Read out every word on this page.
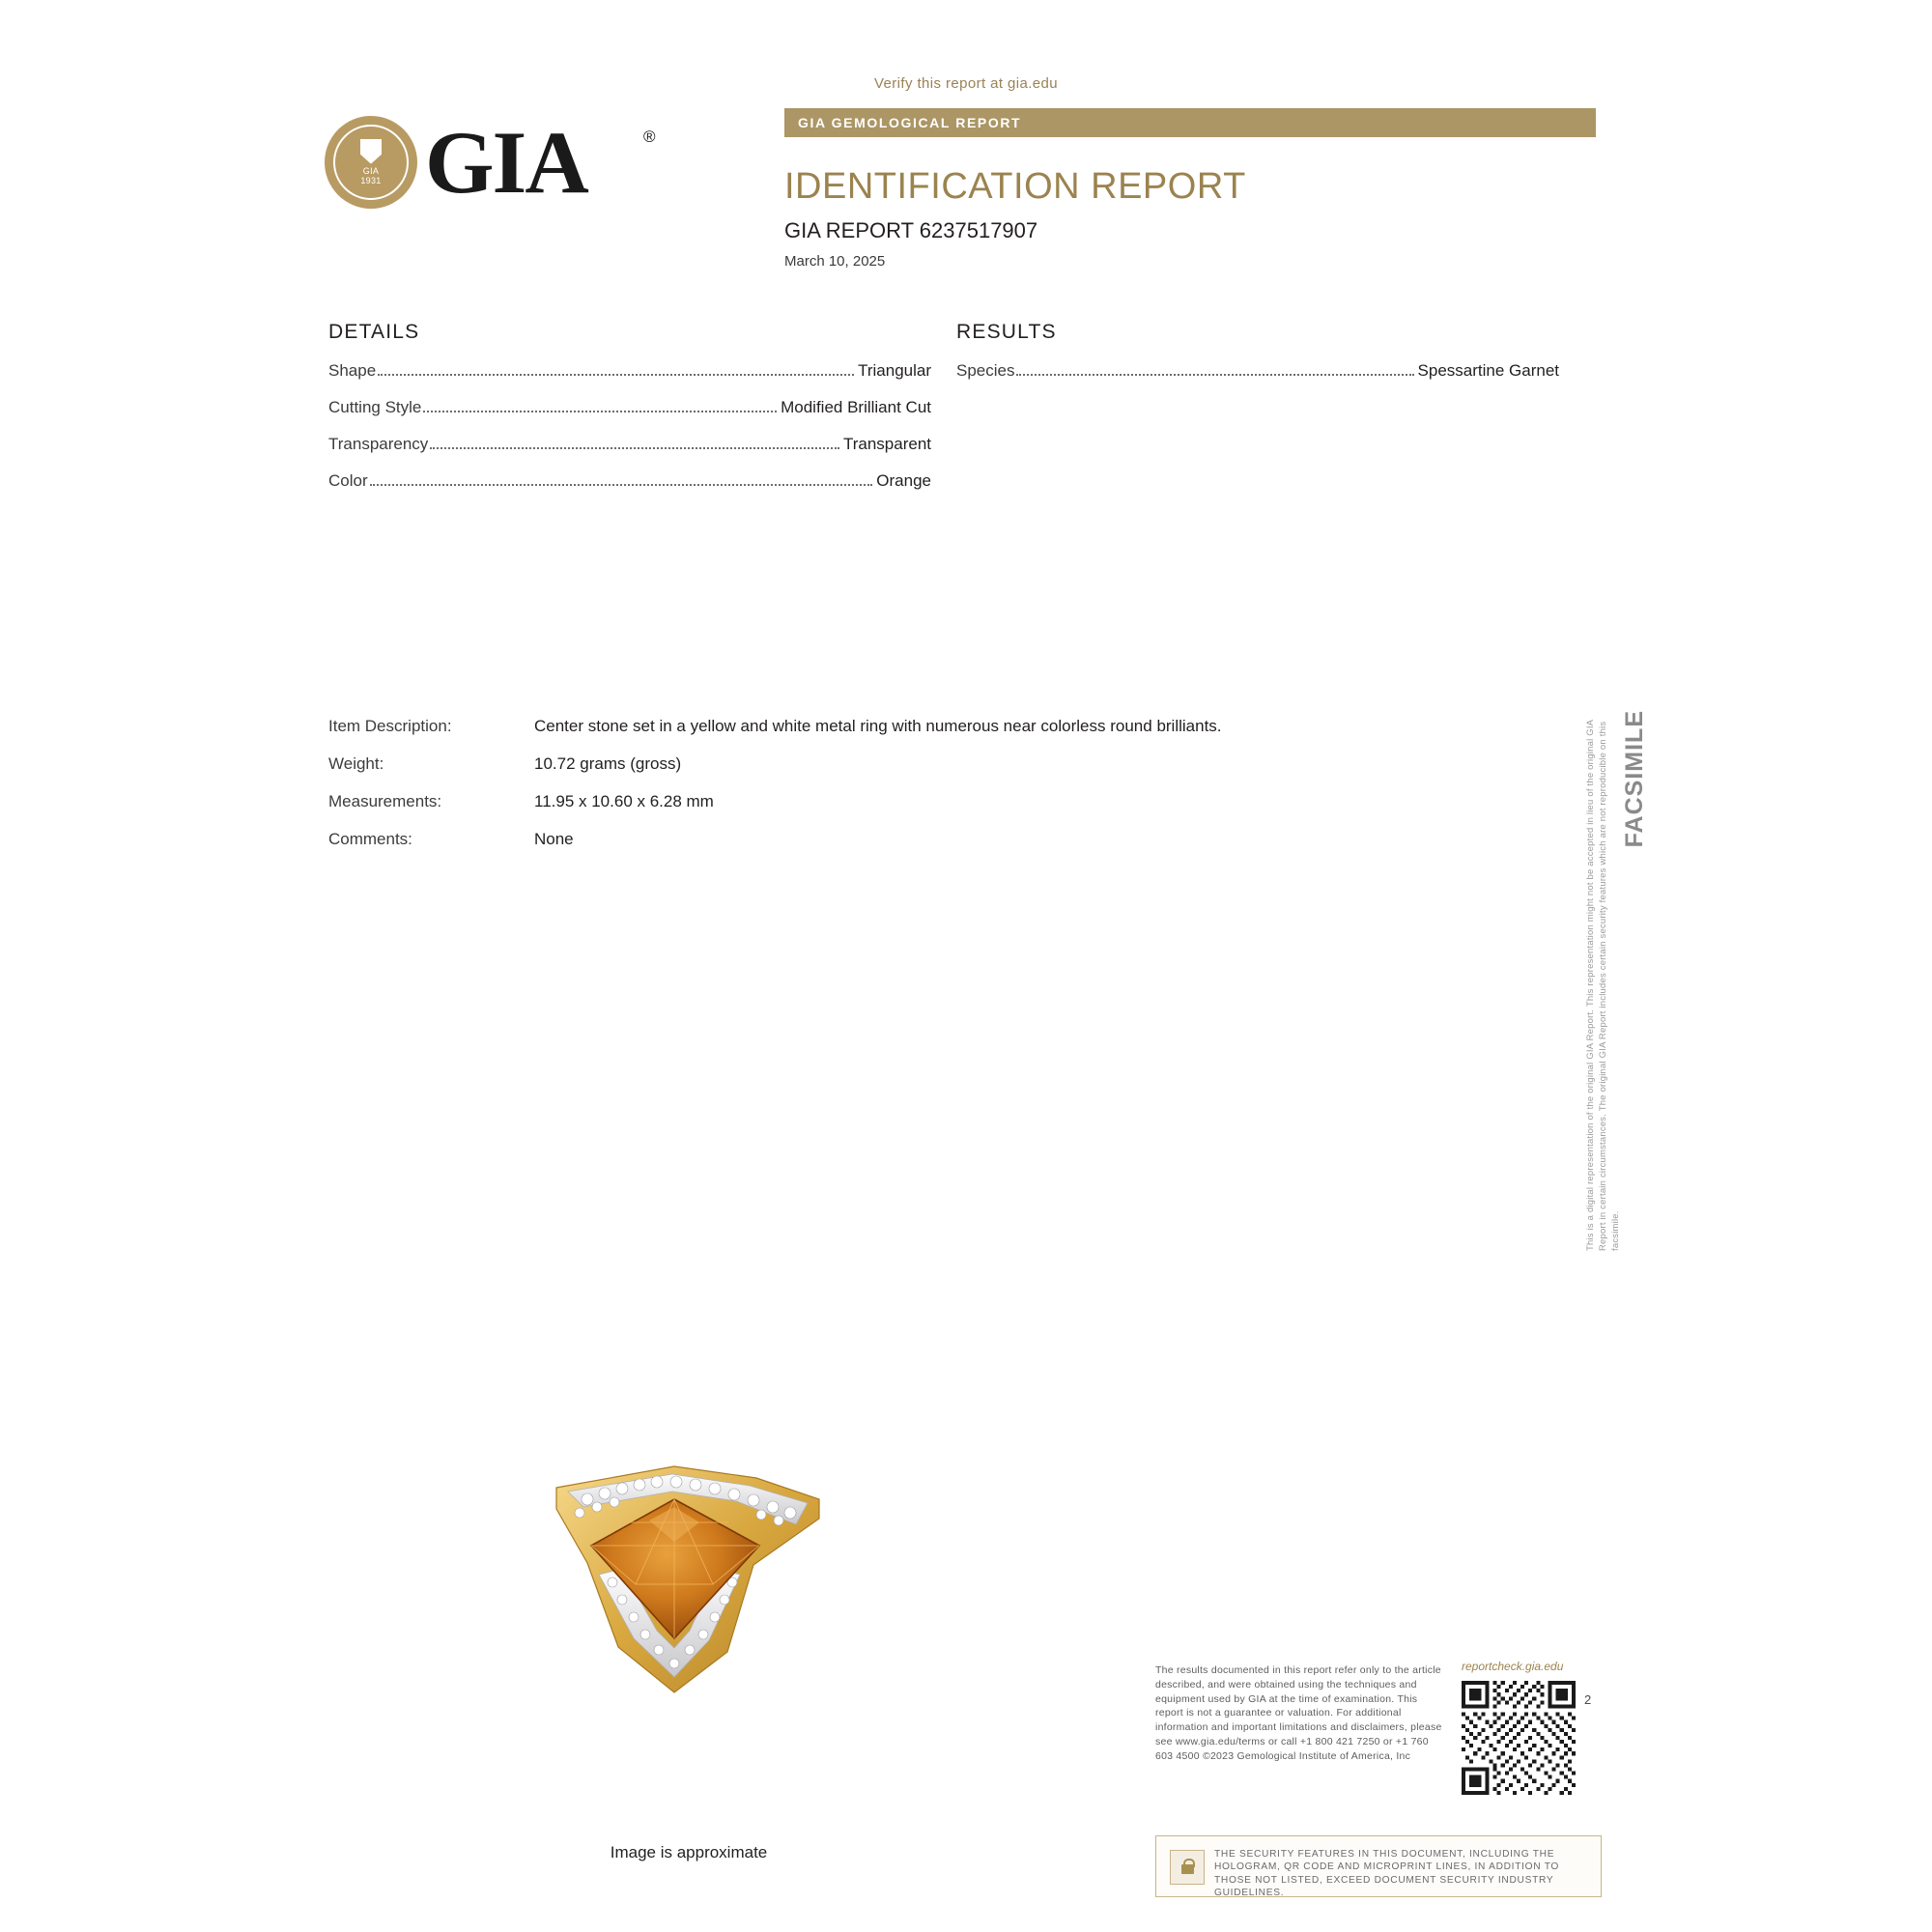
Verify this report at gia.edu
GIA
1931 GIA	®
GIA GEMOLOGICAL REPORT
IDENTIFICATION REPORT
GIA REPORT 6237517907
March 10, 2025
DETAILS
Shape	Triangular
Cutting Style	Modified Brilliant Cut
Transparency	Transparent
Color	Orange
RESULTS
Species	Spessartine Garnet
Item Description:	Center stone set in a yellow and white metal ring with numerous near colorless round brilliants.
Weight:	10.72 grams (gross)
Measurements:	11.95 x 10.60 x 6.28 mm
Comments:	None	FACSIMILE
This is a digital representation of the original GIA Report. This representation might not be accepted in lieu of the original GIA Report in certain circumstances. The original GIA Report includes certain security features which are not reproducible on this facsimile.
Image is approximate
The results documented in this report refer only to the article described, and were obtained using the techniques and equipment used by GIA at the time of examination. This report is not a guarantee or valuation. For additional information and important limitations and disclaimers, please see www.gia.edu/terms or call +1 800 421 7250 or +1 760 603 4500 ©2023 Gemological Institute of America, Inc
reportcheck.gia.edu
2
THE SECURITY FEATURES IN THIS DOCUMENT, INCLUDING THE HOLOGRAM, QR CODE AND MICROPRINT LINES, IN ADDITION TO THOSE NOT LISTED, EXCEED DOCUMENT SECURITY INDUSTRY GUIDELINES.
